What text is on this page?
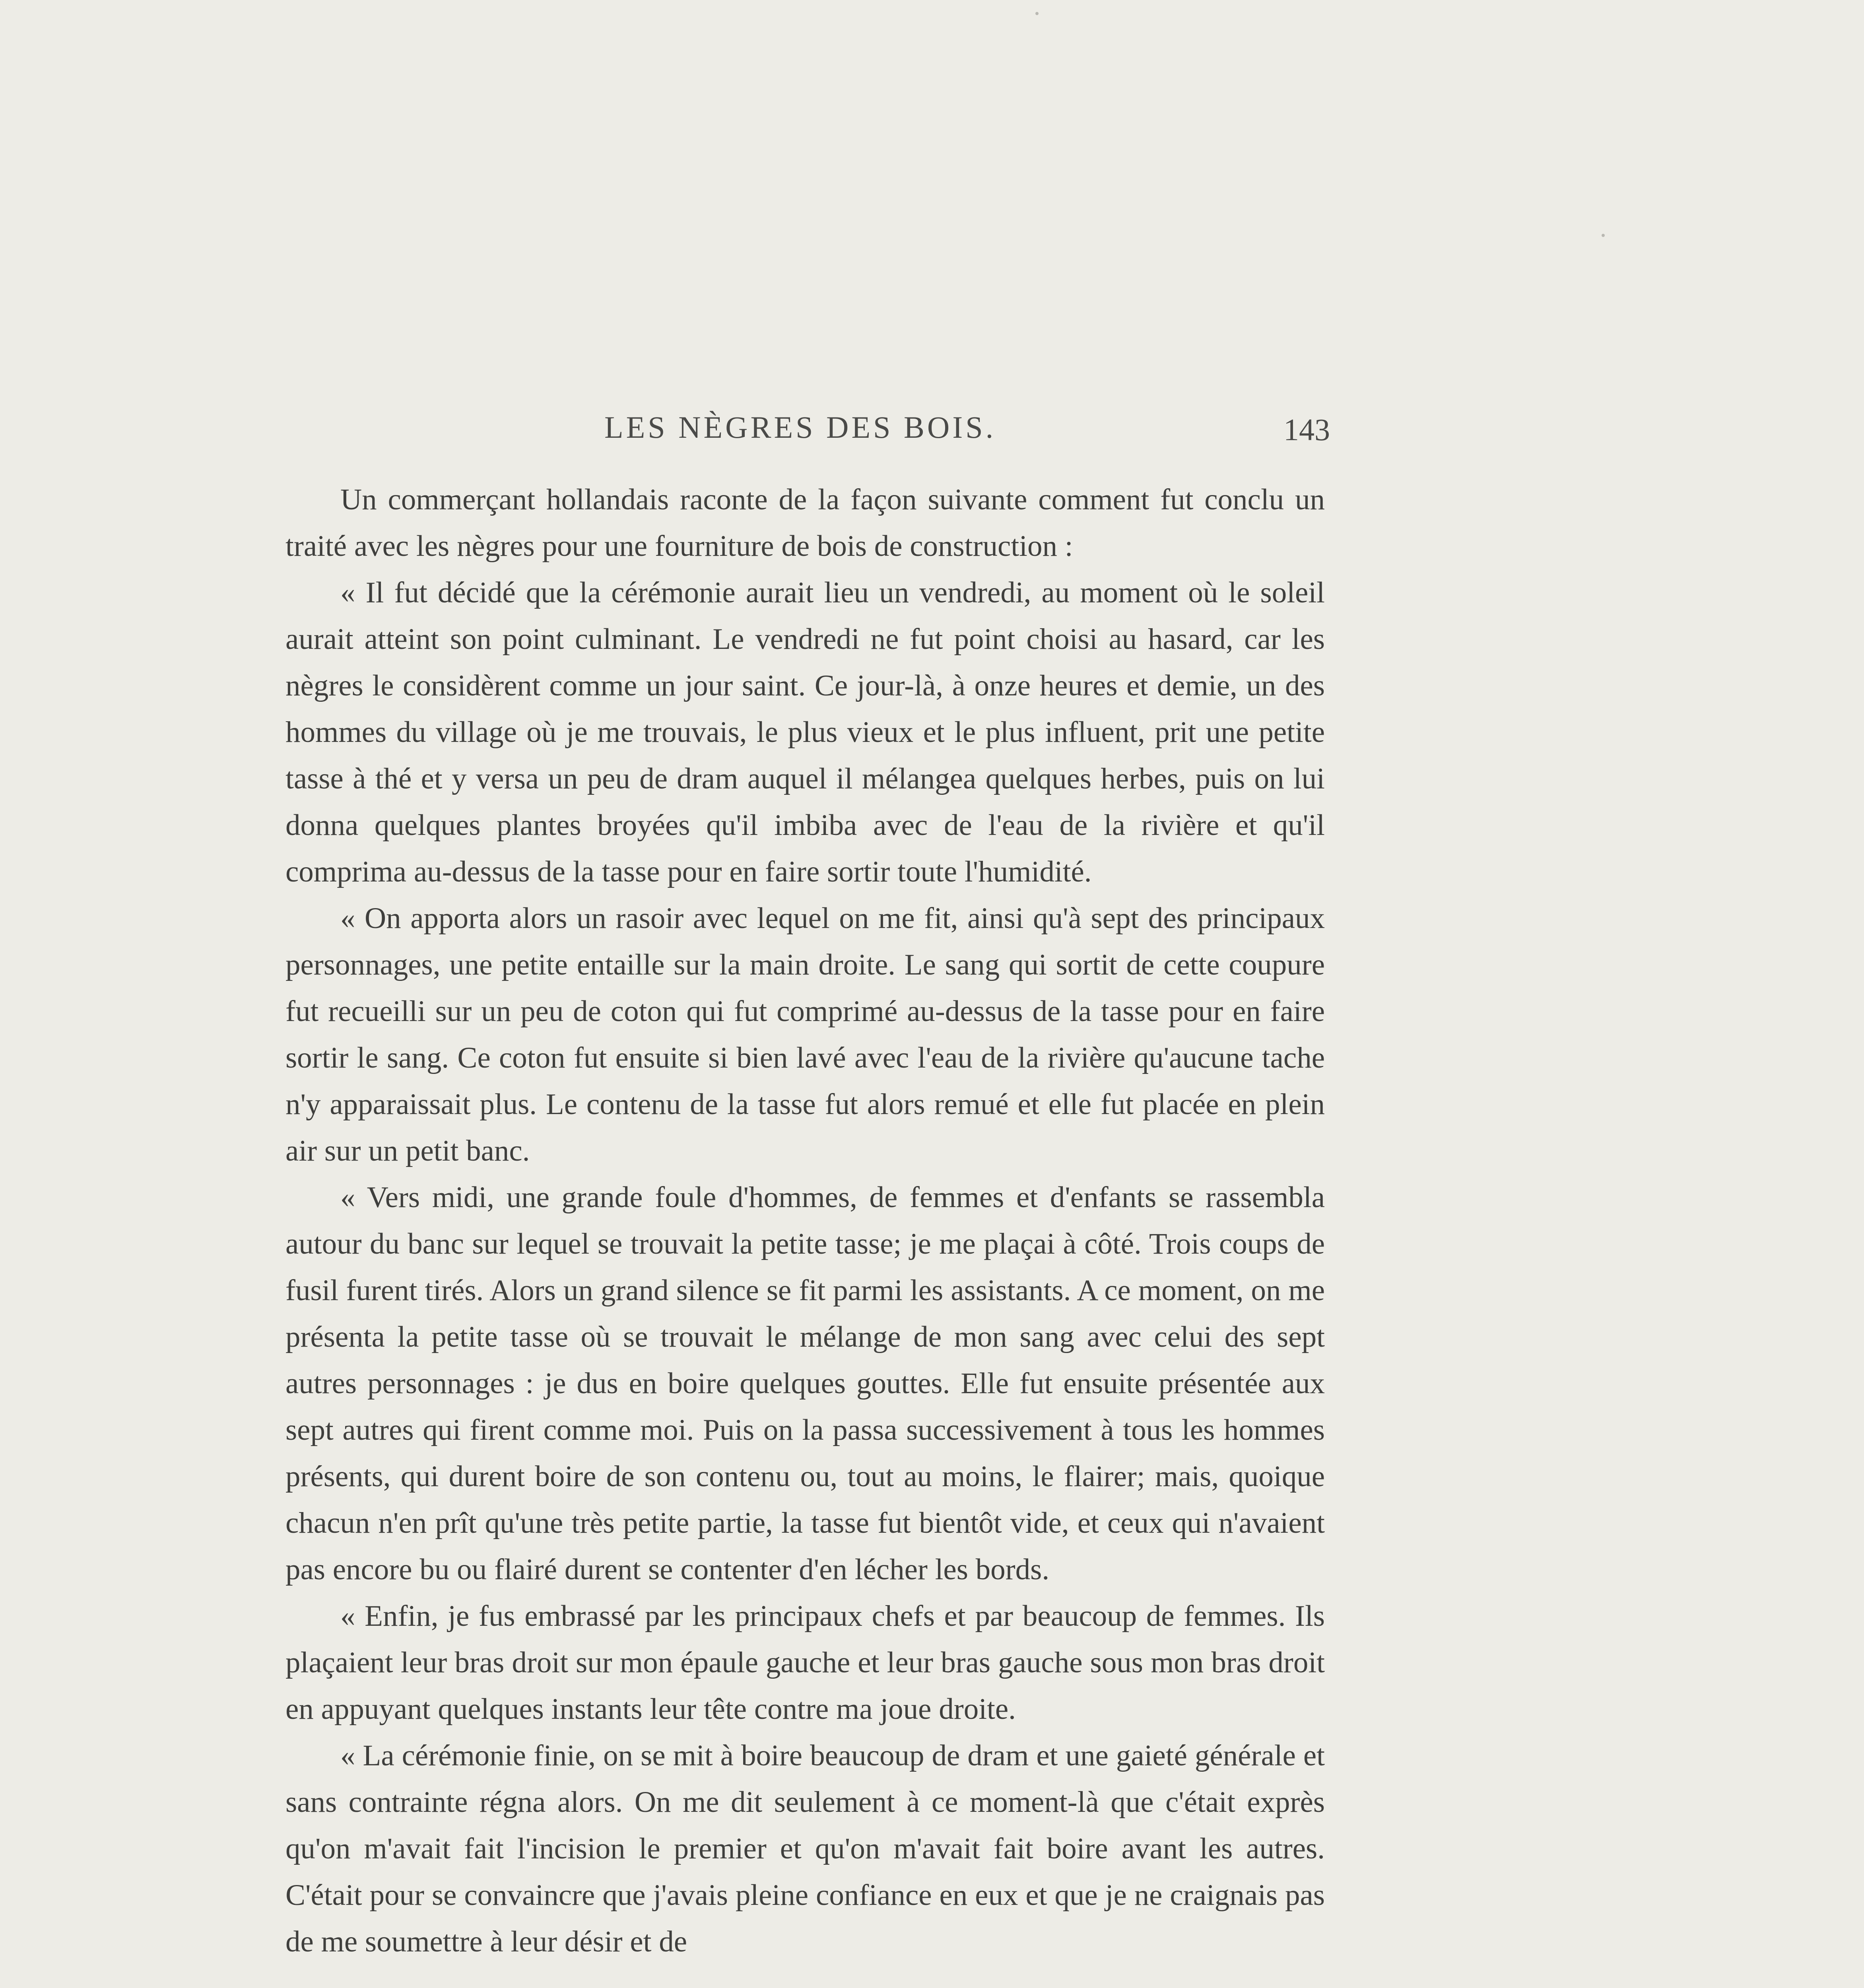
LES NÈGRES DES BOIS.	143

Un commerçant hollandais raconte de la façon suivante comment fut conclu un traité avec les nègres pour une fourniture de bois de construction :

« Il fut décidé que la cérémonie aurait lieu un vendredi, au moment où le soleil aurait atteint son point culminant. Le vendredi ne fut point choisi au hasard, car les nègres le considèrent comme un jour saint. Ce jour-là, à onze heures et demie, un des hommes du village où je me trouvais, le plus vieux et le plus influent, prit une petite tasse à thé et y versa un peu de dram auquel il mélangea quelques herbes, puis on lui donna quelques plantes broyées qu'il imbiba avec de l'eau de la rivière et qu'il comprima au-dessus de la tasse pour en faire sortir toute l'humidité.

« On apporta alors un rasoir avec lequel on me fit, ainsi qu'à sept des principaux personnages, une petite entaille sur la main droite. Le sang qui sortit de cette coupure fut recueilli sur un peu de coton qui fut comprimé au-dessus de la tasse pour en faire sortir le sang. Ce coton fut ensuite si bien lavé avec l'eau de la rivière qu'aucune tache n'y apparaissait plus. Le contenu de la tasse fut alors remué et elle fut placée en plein air sur un petit banc.

« Vers midi, une grande foule d'hommes, de femmes et d'enfants se rassembla autour du banc sur lequel se trouvait la petite tasse; je me plaçai à côté. Trois coups de fusil furent tirés. Alors un grand silence se fit parmi les assistants. A ce moment, on me présenta la petite tasse où se trouvait le mélange de mon sang avec celui des sept autres personnages : je dus en boire quelques gouttes. Elle fut ensuite présentée aux sept autres qui firent comme moi. Puis on la passa successivement à tous les hommes présents, qui durent boire de son contenu ou, tout au moins, le flairer; mais, quoique chacun n'en prît qu'une très petite partie, la tasse fut bientôt vide, et ceux qui n'avaient pas encore bu ou flairé durent se contenter d'en lécher les bords.

« Enfin, je fus embrassé par les principaux chefs et par beaucoup de femmes. Ils plaçaient leur bras droit sur mon épaule gauche et leur bras gauche sous mon bras droit en appuyant quelques instants leur tête contre ma joue droite.

« La cérémonie finie, on se mit à boire beaucoup de dram et une gaieté générale et sans contrainte régna alors. On me dit seulement à ce moment-là que c'était exprès qu'on m'avait fait l'incision le premier et qu'on m'avait fait boire avant les autres. C'était pour se convaincre que j'avais pleine confiance en eux et que je ne craignais pas de me soumettre à leur désir et de
